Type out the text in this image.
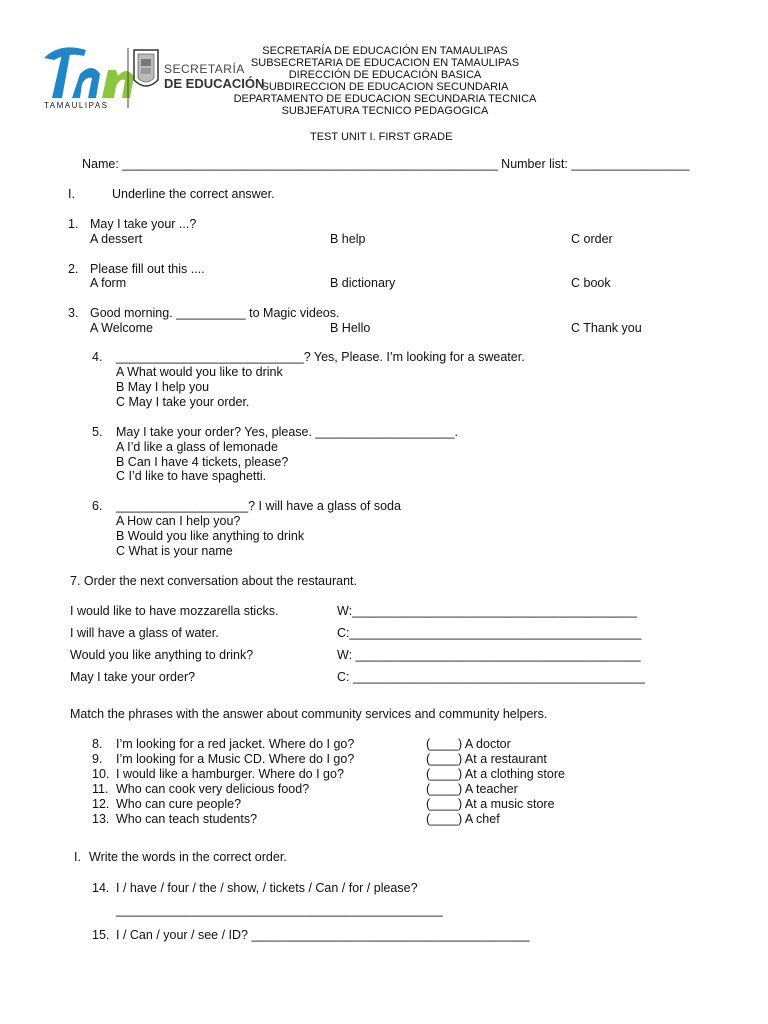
TAMAULIPAS
SECRETARÍA
DE EDUCACIÓN
SECRETARÍA DE EDUCACIÓN EN TAMAULIPAS
SUBSECRETARIA DE EDUCACION EN TAMAULIPAS
DIRECCIÓN DE EDUCACIÓN BASICA
SUBDIRECCION DE EDUCACION SECUNDARIA
DEPARTAMENTO DE EDUCACION SECUNDARIA TECNICA
SUBJEFATURA TECNICO PEDAGOGICA
TEST UNIT I. FIRST GRADE
Name: ______________________________________________________ Number list: _________________
I.	Underline the correct answer.
1. May I take your ...?
A dessert	B help	C order
2. Please fill out this ....
A form	B dictionary	C book
3. Good morning. __________ to Magic videos.
A Welcome	B Hello	C Thank you
4. ___________________________? Yes, Please. I’m looking for a sweater.
A What would you like to drink
B May I help you
C May I take your order.
5. May I take your order? Yes, please. ____________________.
A I’d like a glass of lemonade
B Can I have 4 tickets, please?
C I’d like to have spaghetti.
6. ___________________? I will have a glass of soda
A How can I help you?
B Would you like anything to drink
C What is your name
7. Order the next conversation about the restaurant.
I would like to have mozzarella sticks.	W:_________________________________________
I will have a glass of water.	C:__________________________________________
Would you like anything to drink?	W: _________________________________________
May I take your order?	C: __________________________________________
Match the phrases with the answer about community services and community helpers.
8. I’m looking for a red jacket. Where do I go?	(____) A doctor
9. I’m looking for a Music CD. Where do I go?	(____) At a restaurant
10. I would like a hamburger. Where do I go?	(____) At a clothing store
11. Who can cook very delicious food?	(____) A teacher
12. Who can cure people?	(____) At a music store
13. Who can teach students?	(____) A chef
I. Write the words in the correct order.
14. I / have / four / the / show, / tickets / Can / for / please?
_______________________________________________
15. I / Can / your / see / ID? ________________________________________
